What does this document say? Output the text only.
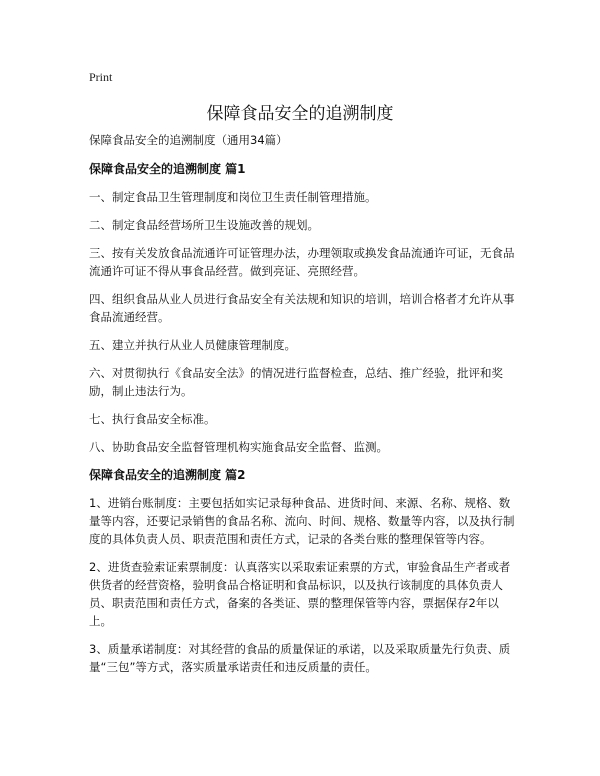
Print
保障食品安全的追溯制度

保障食品安全的追溯制度（通用34篇）

保障食品安全的追溯制度 篇1

一、制定食品卫生管理制度和岗位卫生责任制管理措施。

二、制定食品经营场所卫生设施改善的规划。

三、按有关发放食品流通许可证管理办法，办理领取或换发食品流通许可证，无食品流通许可证不得从事食品经营。做到亮证、亮照经营。

四、组织食品从业人员进行食品安全有关法规和知识的培训，培训合格者才允许从事食品流通经营。

五、建立并执行从业人员健康管理制度。

六、对贯彻执行《食品安全法》的情况进行监督检查，总结、推广经验，批评和奖励，制止违法行为。

七、执行食品安全标准。

八、协助食品安全监督管理机构实施食品安全监督、监测。

保障食品安全的追溯制度 篇2

1、进销台账制度：主要包括如实记录每种食品、进货时间、来源、名称、规格、数量等内容，还要记录销售的食品名称、流向、时间、规格、数量等内容，以及执行制度的具体负责人员、职责范围和责任方式，记录的各类台账的整理保管等内容。

2、进货查验索证索票制度：认真落实以采取索证索票的方式，审验食品生产者或者供货者的经营资格，验明食品合格证明和食品标识，以及执行该制度的具体负责人员、职责范围和责任方式，备案的各类证、票的整理保管等内容，票据保存2年以上。

3、质量承诺制度：对其经营的食品的质量保证的承诺，以及采取质量先行负责、质量“三包”等方式，落实质量承诺责任和违反质量的责任。
